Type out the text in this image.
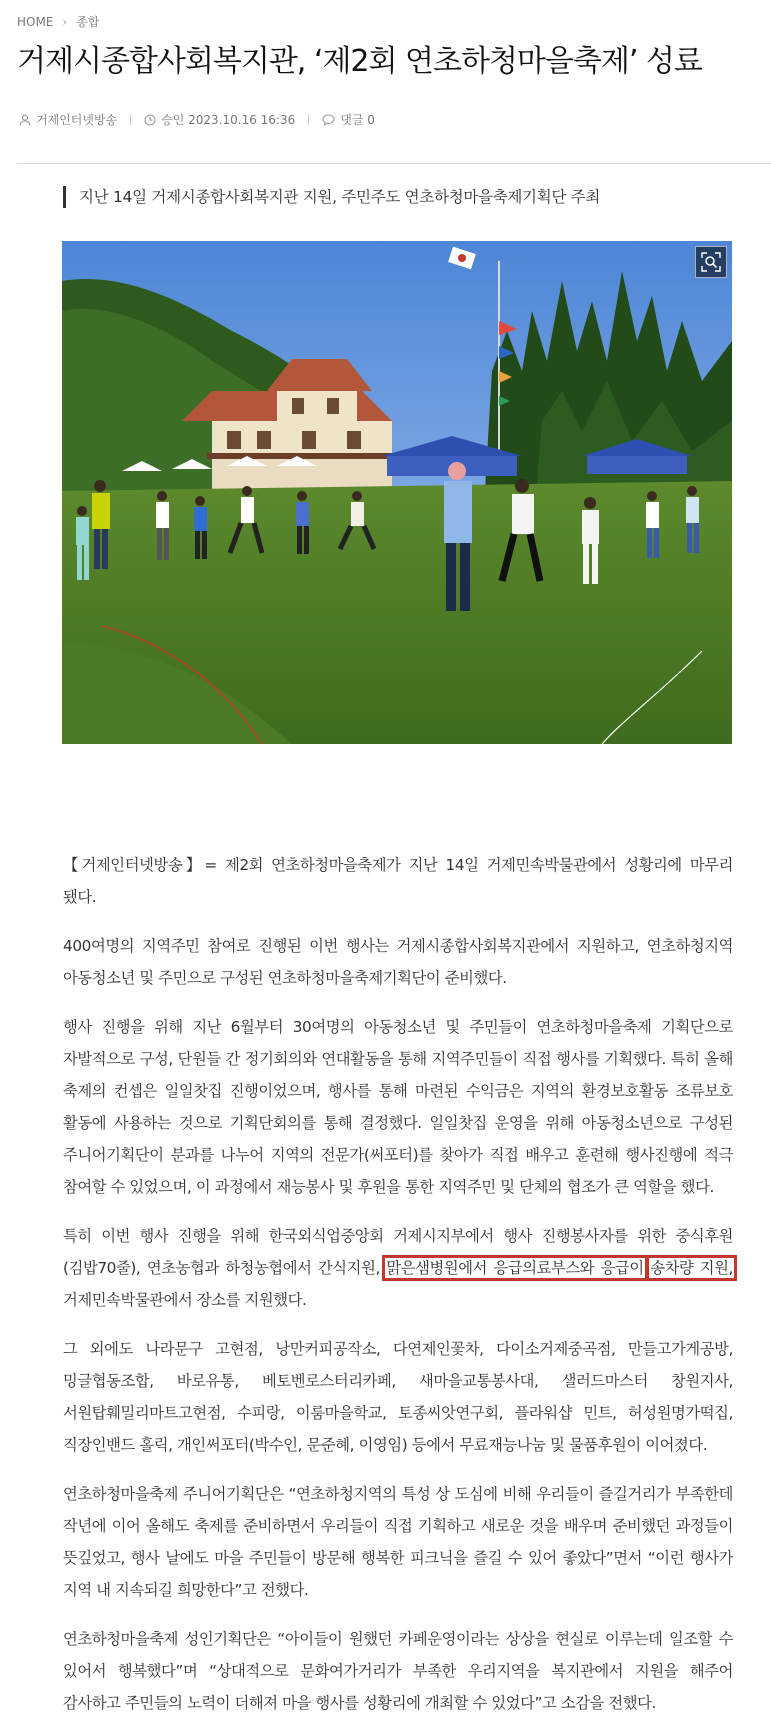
HOME › 종합
거제시종합사회복지관, ‘제2회 연초하청마을축제’ 성료
거제인터넷방송	승인 2023.10.16 16:36	댓글 0
지난 14일 거제시종합사회복지관 지원, 주민주도 연초하청마을축제기획단 주최

【거제인터넷방송】= 제2회 연초하청마을축제가 지난 14일 거제민속박물관에서 성황리에 마무리 됐다.

400여명의 지역주민 참여로 진행된 이번 행사는 거제시종합사회복지관에서 지원하고, 연초하청지역 아동청소년 및 주민으로 구성된 연초하청마을축제기획단이 준비했다.

행사 진행을 위해 지난 6월부터 30여명의 아동청소년 및 주민들이 연초하청마을축제 기획단으로 자발적으로 구성, 단원들 간 정기회의와 연대활동을 통해 지역주민들이 직접 행사를 기획했다. 특히 올해 축제의 컨셉은 일일찻집 진행이었으며, 행사를 통해 마련된 수익금은 지역의 환경보호활동 조류보호 활동에 사용하는 것으로 기획단회의를 통해 결정했다. 일일찻집 운영을 위해 아동청소년으로 구성된 주니어기획단이 분과를 나누어 지역의 전문가(써포터)를 찾아가 직접 배우고 훈련해 행사진행에 적극 참여할 수 있었으며, 이 과정에서 재능봉사 및 후원을 통한 지역주민 및 단체의 협조가 큰 역할을 했다.

특히 이번 행사 진행을 위해 한국외식업중앙회 거제시지부에서 행사 진행봉사자를 위한 중식후원(김밥70줄), 연초농협과 하청농협에서 간식지원, 맑은샘병원에서 응급의료부스와 응급이 송차량 지원, 거제민속박물관에서 장소를 지원했다.

그 외에도 나라문구 고현점, 낭만커피공작소, 다연제인꽃차, 다이소거제중곡점, 만들고가게공방, 밍글협동조합, 바로유통, 베토벤로스터리카페, 새마을교통봉사대, 샐러드마스터 창원지사, 서원탑훼밀리마트고현점, 수피랑, 이룸마을학교, 토종씨앗연구회, 플라워샵 민트, 허성원명가떡집, 직장인밴드 홀릭, 개인써포터(박수인, 문준혜, 이영임) 등에서 무료재능나눔 및 물품후원이 이어졌다.

연초하청마을축제 주니어기획단은 “연초하청지역의 특성 상 도심에 비해 우리들이 즐길거리가 부족한데 작년에 이어 올해도 축제를 준비하면서 우리들이 직접 기획하고 새로운 것을 배우며 준비했던 과정들이 뜻깊었고, 행사 날에도 마을 주민들이 방문해 행복한 피크닉을 즐길 수 있어 좋았다”면서 “이런 행사가 지역 내 지속되길 희망한다”고 전했다.

연초하청마을축제 성인기획단은 “아이들이 원했던 카페운영이라는 상상을 현실로 이루는데 일조할 수 있어서 행복했다”며 “상대적으로 문화여가거리가 부족한 우리지역을 복지관에서 지원을 해주어 감사하고 주민들의 노력이 더해져 마을 행사를 성황리에 개최할 수 있었다”고 소감을 전했다.
